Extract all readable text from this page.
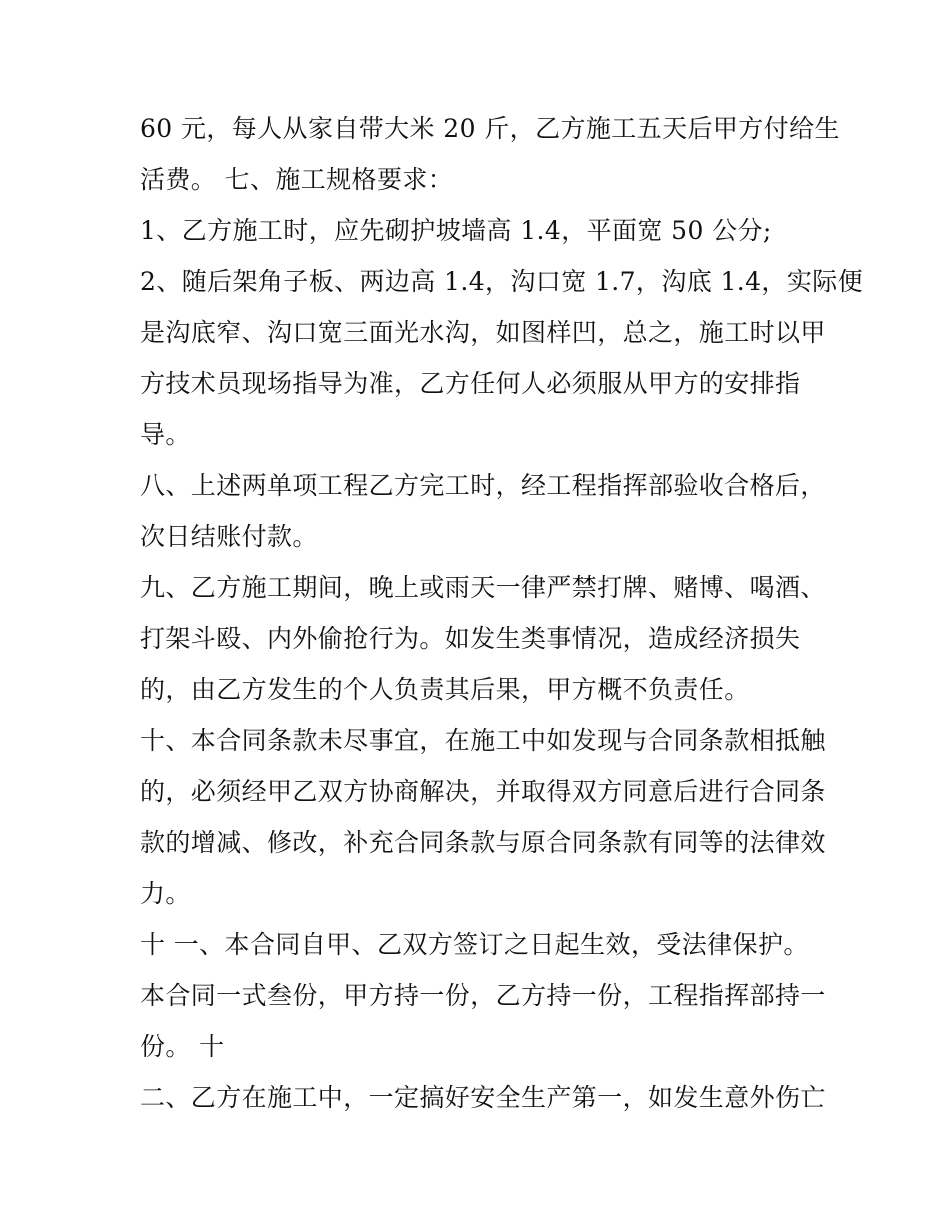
60 元，每人从家自带大米 20 斤，乙方施工五天后甲方付给生
活费。 七、施工规格要求：
1、乙方施工时，应先砌护坡墙高 1.4，平面宽 50 公分;
2、随后架角子板、两边高 1.4，沟口宽 1.7，沟底 1.4，实际便
是沟底窄、沟口宽三面光水沟，如图样凹，总之，施工时以甲
方技术员现场指导为准，乙方任何人必须服从甲方的安排指
导。
八、上述两单项工程乙方完工时，经工程指挥部验收合格后，
次日结账付款。
九、乙方施工期间，晚上或雨天一律严禁打牌、赌博、喝酒、
打架斗殴、内外偷抢行为。如发生类事情况，造成经济损失
的，由乙方发生的个人负责其后果，甲方概不负责任。
十、本合同条款未尽事宜，在施工中如发现与合同条款相抵触
的，必须经甲乙双方协商解决，并取得双方同意后进行合同条
款的增减、修改，补充合同条款与原合同条款有同等的法律效
力。
十 一、本合同自甲、乙双方签订之日起生效，受法律保护。
本合同一式叁份，甲方持一份，乙方持一份，工程指挥部持一
份。 十
二、乙方在施工中，一定搞好安全生产第一，如发生意外伤亡
